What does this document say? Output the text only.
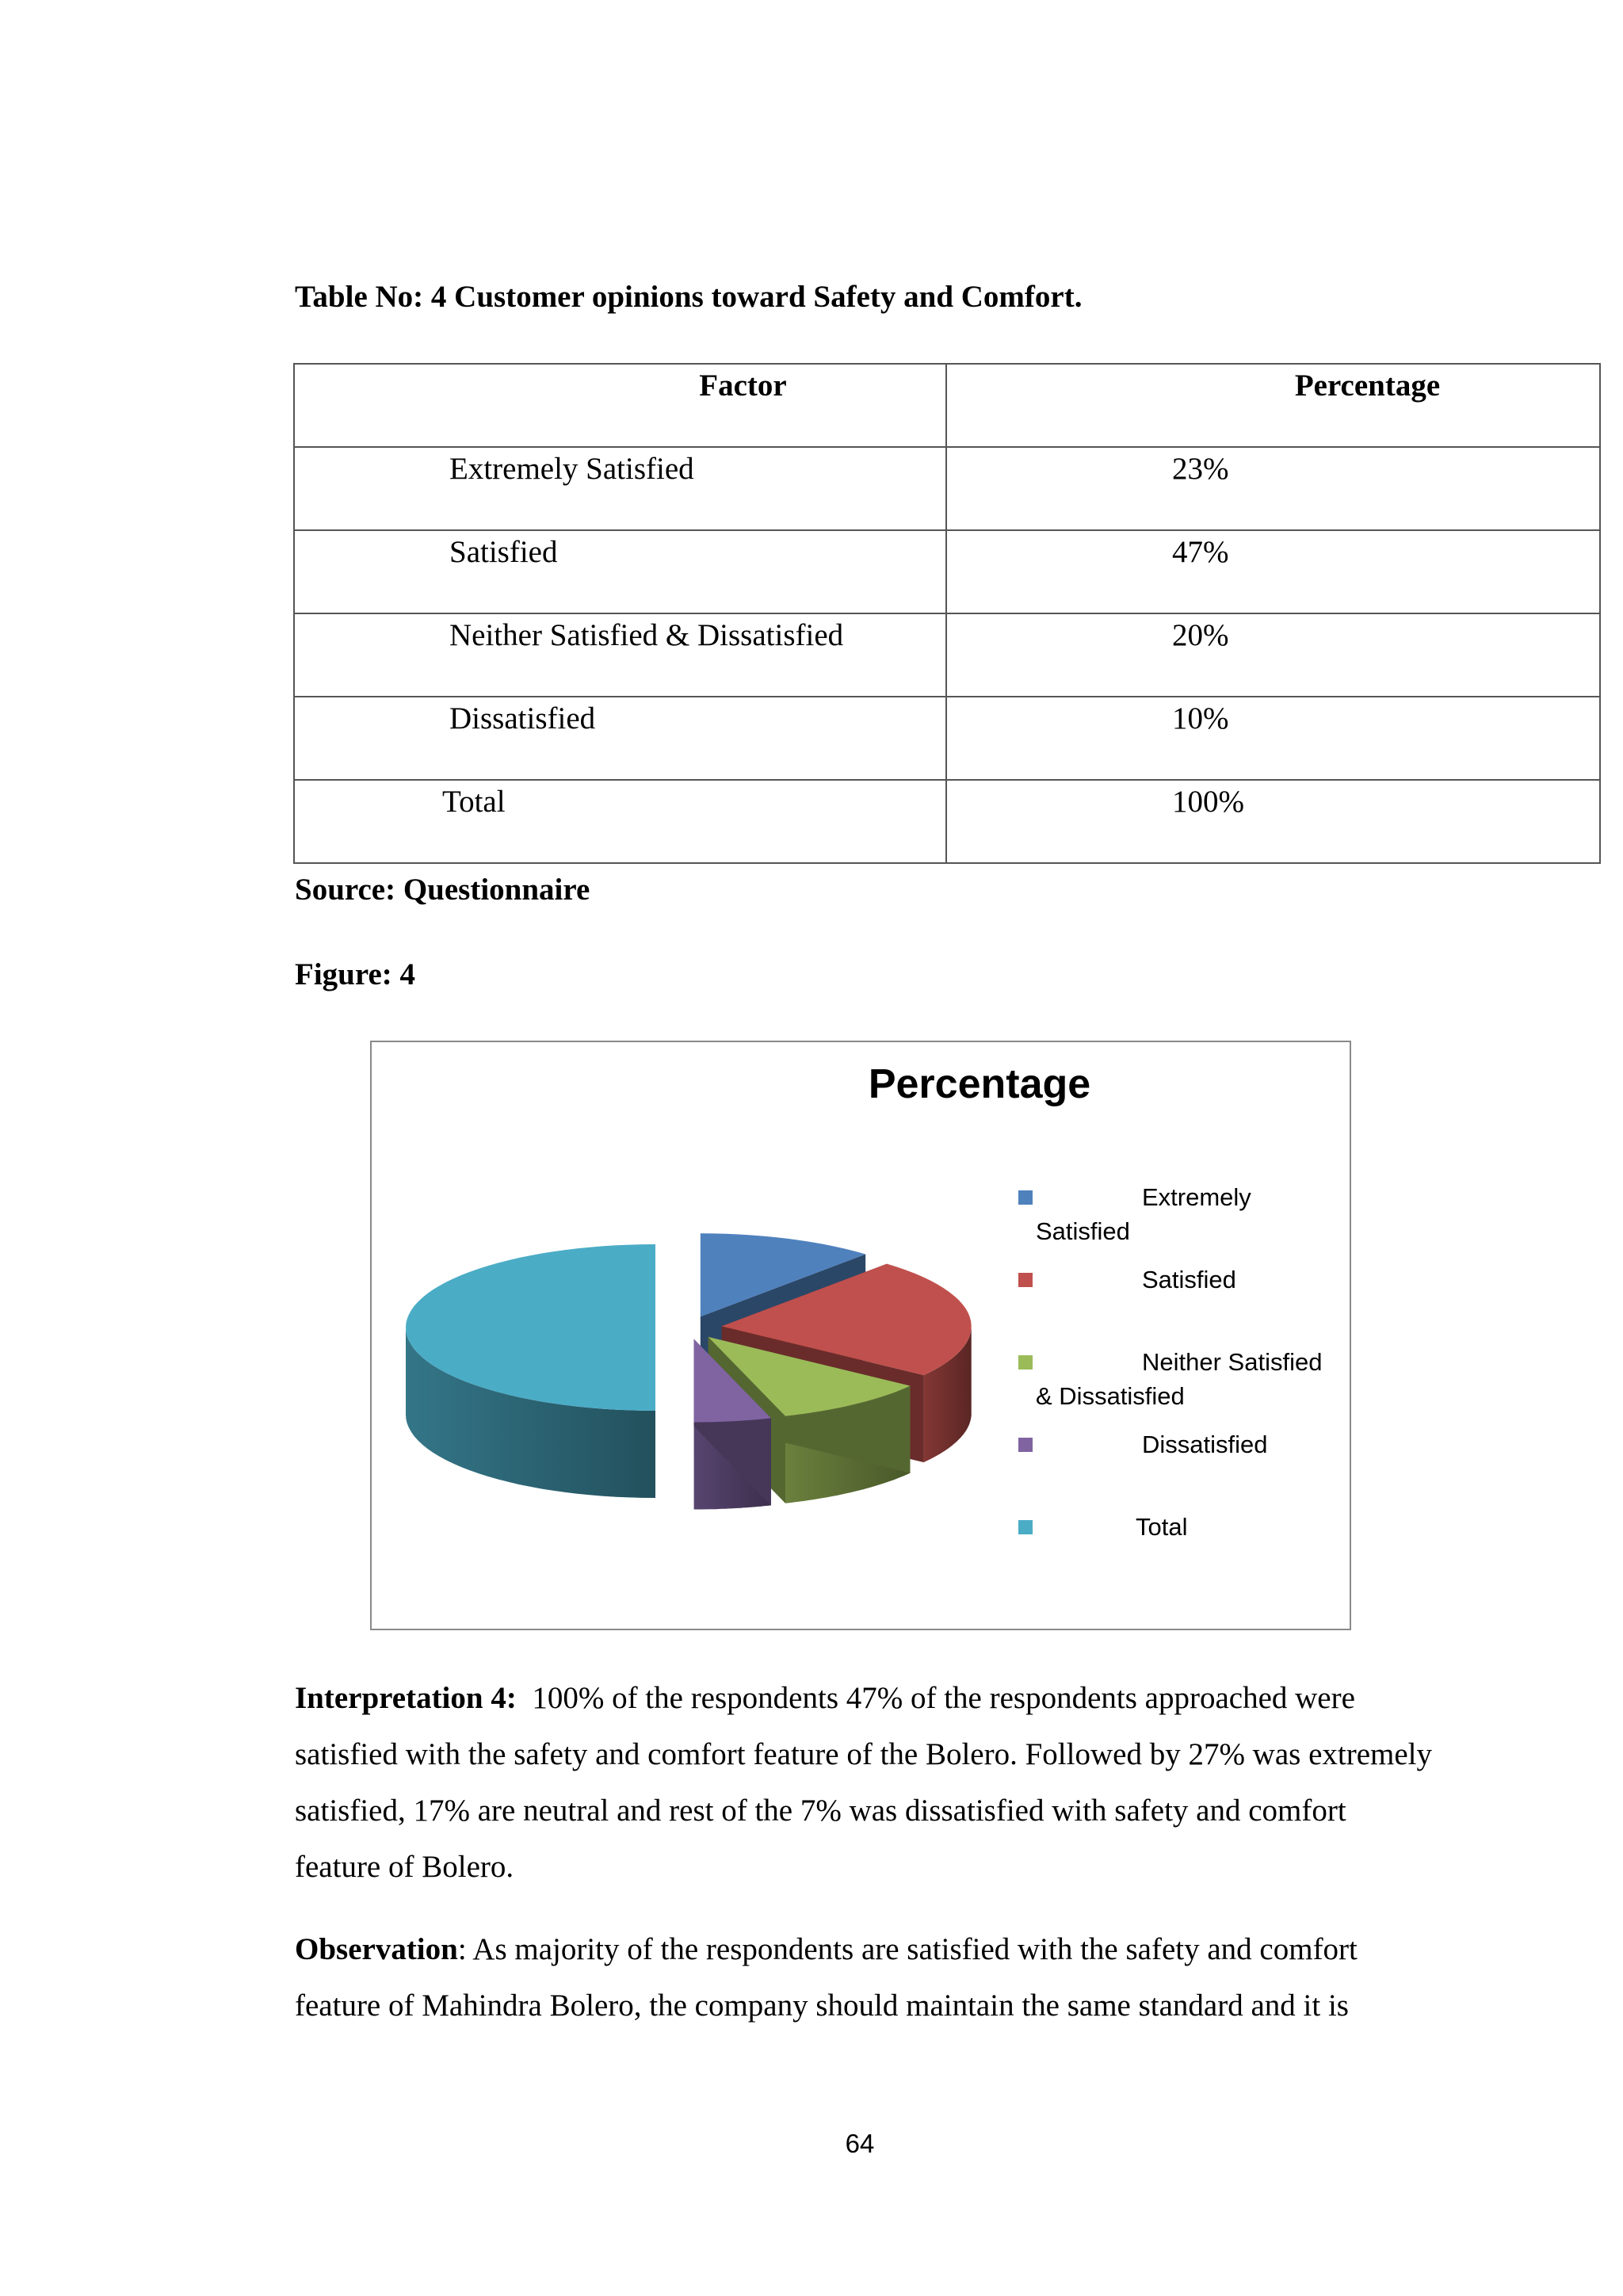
Table No: 4 Customer opinions toward Safety and Comfort.
Factor	Percentage

Extremely Satisfied	23%

Satisfied	47%

Neither Satisfied & Dissatisfied	20%

Dissatisfied	10%

Total	100%
Source: Questionnaire
Figure: 4
Percentage
Extremely
Satisfied
Satisfied
Neither Satisfied
& Dissatisfied
Dissatisfied
Total
Interpretation 4: 100% of the respondents 47% of the respondents approached were satisfied with the safety and comfort feature of the Bolero. Followed by 27% was extremely satisfied, 17% are neutral and rest of the 7% was dissatisfied with safety and comfort feature of Bolero.
Observation: As majority of the respondents are satisfied with the safety and comfort feature of Mahindra Bolero, the company should maintain the same standard and it is
64
